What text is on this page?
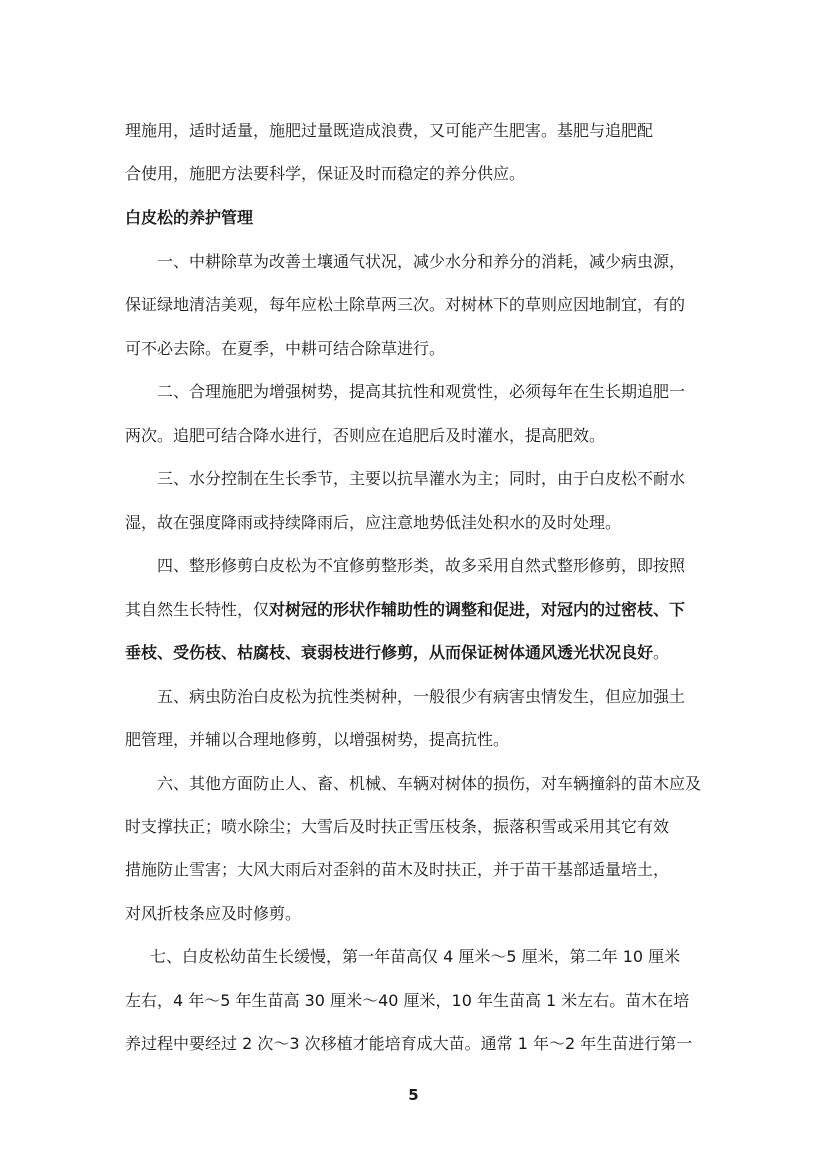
理施用，适时适量，施肥过量既造成浪费，又可能产生肥害。基肥与追肥配
合使用，施肥方法要科学，保证及时而稳定的养分供应。
白皮松的养护管理
一、中耕除草为改善土壤通气状况，减少水分和养分的消耗，减少病虫源，
保证绿地清洁美观，每年应松土除草两三次。对树林下的草则应因地制宜，有的
可不必去除。在夏季，中耕可结合除草进行。
二、合理施肥为增强树势，提高其抗性和观赏性，必须每年在生长期追肥一
两次。追肥可结合降水进行，否则应在追肥后及时灌水，提高肥效。
三、水分控制在生长季节，主要以抗旱灌水为主；同时，由于白皮松不耐水
湿，故在强度降雨或持续降雨后，应注意地势低洼处积水的及时处理。
四、整形修剪白皮松为不宜修剪整形类，故多采用自然式整形修剪，即按照
其自然生长特性，仅对树冠的形状作辅助性的调整和促进，对冠内的过密枝、下
垂枝、受伤枝、枯腐枝、衰弱枝进行修剪，从而保证树体通风透光状况良好。
五、病虫防治白皮松为抗性类树种，一般很少有病害虫情发生，但应加强土
肥管理，并辅以合理地修剪，以增强树势，提高抗性。
六、其他方面防止人、畜、机械、车辆对树体的损伤，对车辆撞斜的苗木应及
时支撑扶正；喷水除尘；大雪后及时扶正雪压枝条，振落积雪或采用其它有效
措施防止雪害；大风大雨后对歪斜的苗木及时扶正，并于苗干基部适量培土，
对风折枝条应及时修剪。
七、白皮松幼苗生长缓慢，第一年苗高仅 4 厘米～5 厘米，第二年 10 厘米
左右，4 年～5 年生苗高 30 厘米～40 厘米，10 年生苗高 1 米左右。苗木在培
养过程中要经过 2 次～3 次移植才能培育成大苗。通常 1 年～2 年生苗进行第一
5
